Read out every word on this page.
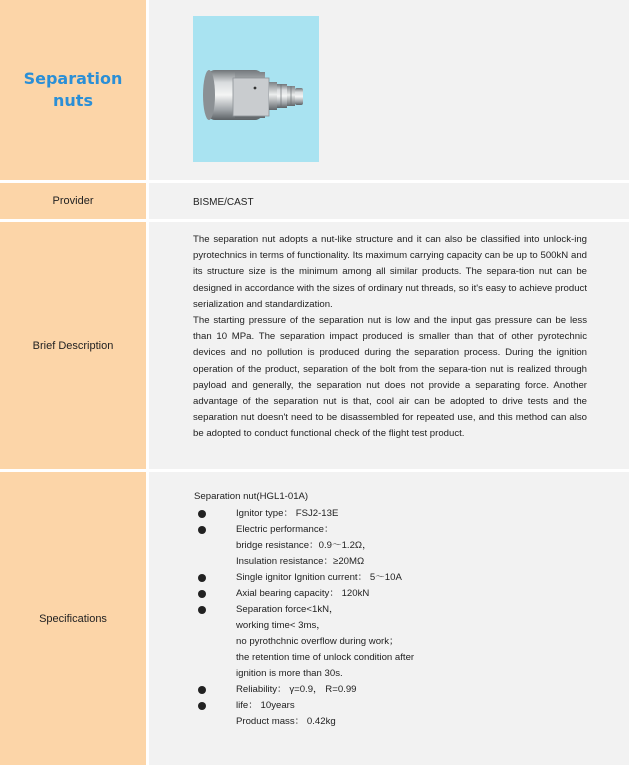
Separation
nuts
Provider	BISME/CAST
Brief Description

The separation nut adopts a nut-like structure and it can also be classified into unlock-ing pyrotechnics in terms of functionality. Its maximum carrying capacity can be up to 500kN and its structure size is the minimum among all similar products. The separa-tion nut can be designed in accordance with the sizes of ordinary nut threads, so it's easy to achieve product serialization and standardization.

The starting pressure of the separation nut is low and the input gas pressure can be less than 10 MPa. The separation impact produced is smaller than that of other pyrotechnic devices and no pollution is produced during the separation process. During the ignition operation of the product, separation of the bolt from the separa-tion nut is realized through payload and generally, the separation nut does not provide a separating force. Another advantage of the separation nut is that, cool air can be adopted to drive tests and the separation nut doesn't need to be disassembled for repeated use, and this method can also be adopted to conduct functional check of the flight test product.

Specifications
Separation nut(HGL1-01A)
Ignitor type： FSJ2-13E
Electric performance：
bridge resistance：0.9～1.2Ω，
Insulation resistance：≥20MΩ
Single ignitor Ignition current： 5～10A
Axial bearing capacity： 120kN
Separation force<1kN，
working time< 3ms，
no pyrothchnic overflow during work；
the retention time of unlock condition after
ignition is more than 30s.
Reliability： γ=0.9， R=0.99
life： 10years
Product mass： 0.42kg
